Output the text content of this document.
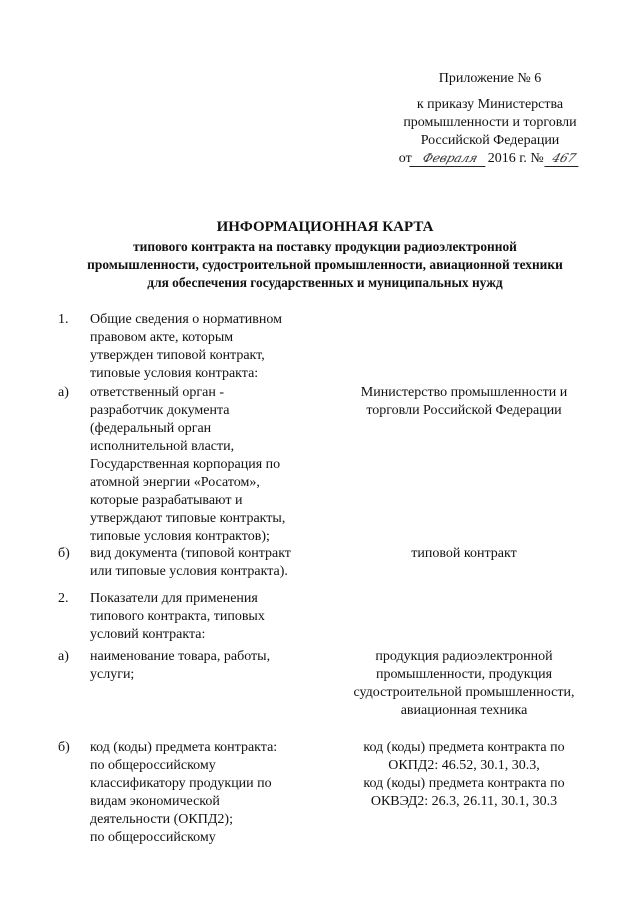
Приложение № 6
к приказу Министерства
промышленности и торговли
Российской Федерации
от Февраля 2016 г. № 467
ИНФОРМАЦИОННАЯ КАРТА
типового контракта на поставку продукции радиоэлектронной
промышленности, судостроительной промышленности, авиационной техники
для обеспечения государственных и муниципальных нужд
1. Общие сведения о нормативном
правовом акте, которым
утвержден типовой контракт,
типовые условия контракта:
а) ответственный орган -
разработчик документа
(федеральный орган
исполнительной власти,
Государственная корпорация по
атомной энергии «Росатом»,
которые разрабатывают и
утверждают типовые контракты,
типовые условия контрактов);
Министерство промышленности и
торговли Российской Федерации
б) вид документа (типовой контракт
или типовые условия контракта).
типовой контракт
2. Показатели для применения
типового контракта, типовых
условий контракта:
а) наименование товара, работы,
услуги;
продукция радиоэлектронной
промышленности, продукция
судостроительной промышленности,
авиационная техника
б) код (коды) предмета контракта:
по общероссийскому
классификатору продукции по
видам экономической
деятельности (ОКПД2);
по общероссийскому
код (коды) предмета контракта по
ОКПД2: 46.52, 30.1, 30.3,
код (коды) предмета контракта по
ОКВЭД2: 26.3, 26.11, 30.1, 30.3
